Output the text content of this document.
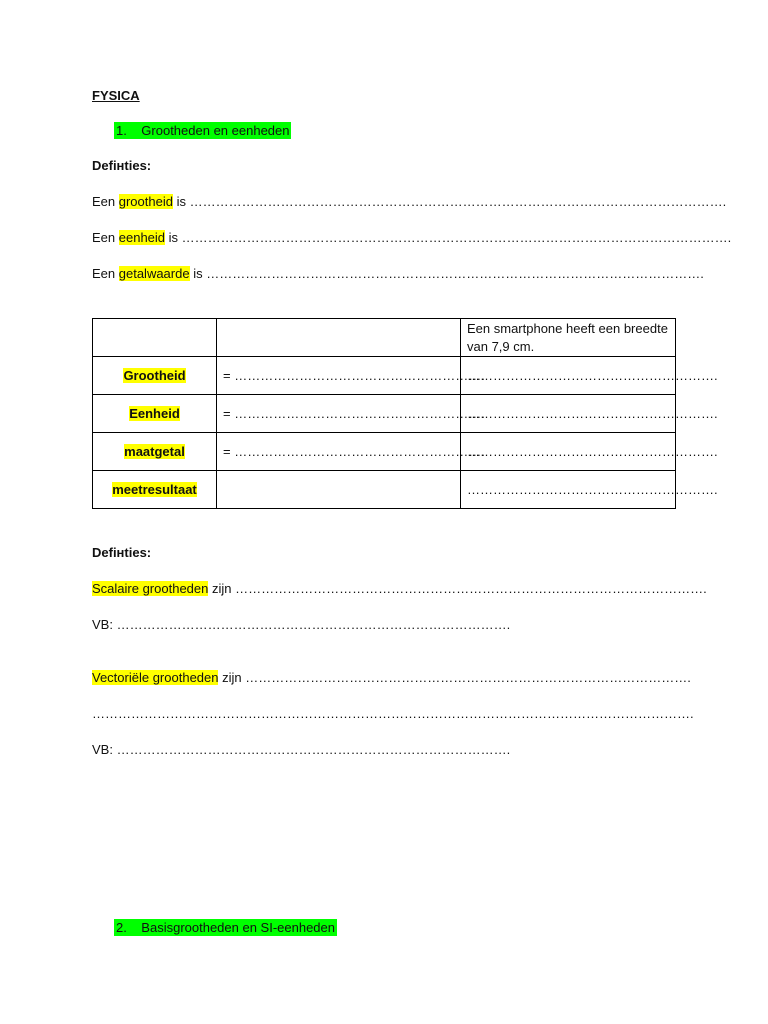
FYSICA
1. Grootheden en eenheden
Defінties:
Een grootheid is …………………………………………………………………………………………………………….
Een eenheid is ……………………………………………………………………………………………………………….
Een getalwaarde is …………………………………………………………………………………………………….
		Een smartphone heeft een breedte van 7,9 cm.
Grootheid	= ………………………………………………….	………………………………………………….
Eenheid	= ………………………………………………….	………………………………………………….
maatgetal	= ………………………………………………….	………………………………………………….
meetresultaat		………………………………………………….
Defінties:
Scalaire grootheden zijn ……………………………………………………………………………………………….
VB: ……………………………………………………………………………….
Vectoriële grootheden zijn ………………………………………………………………………………………….
………………………………………………………………………………………………………………………….
VB: ……………………………………………………………………………….
2. Basisgrootheden en SI-eenheden
